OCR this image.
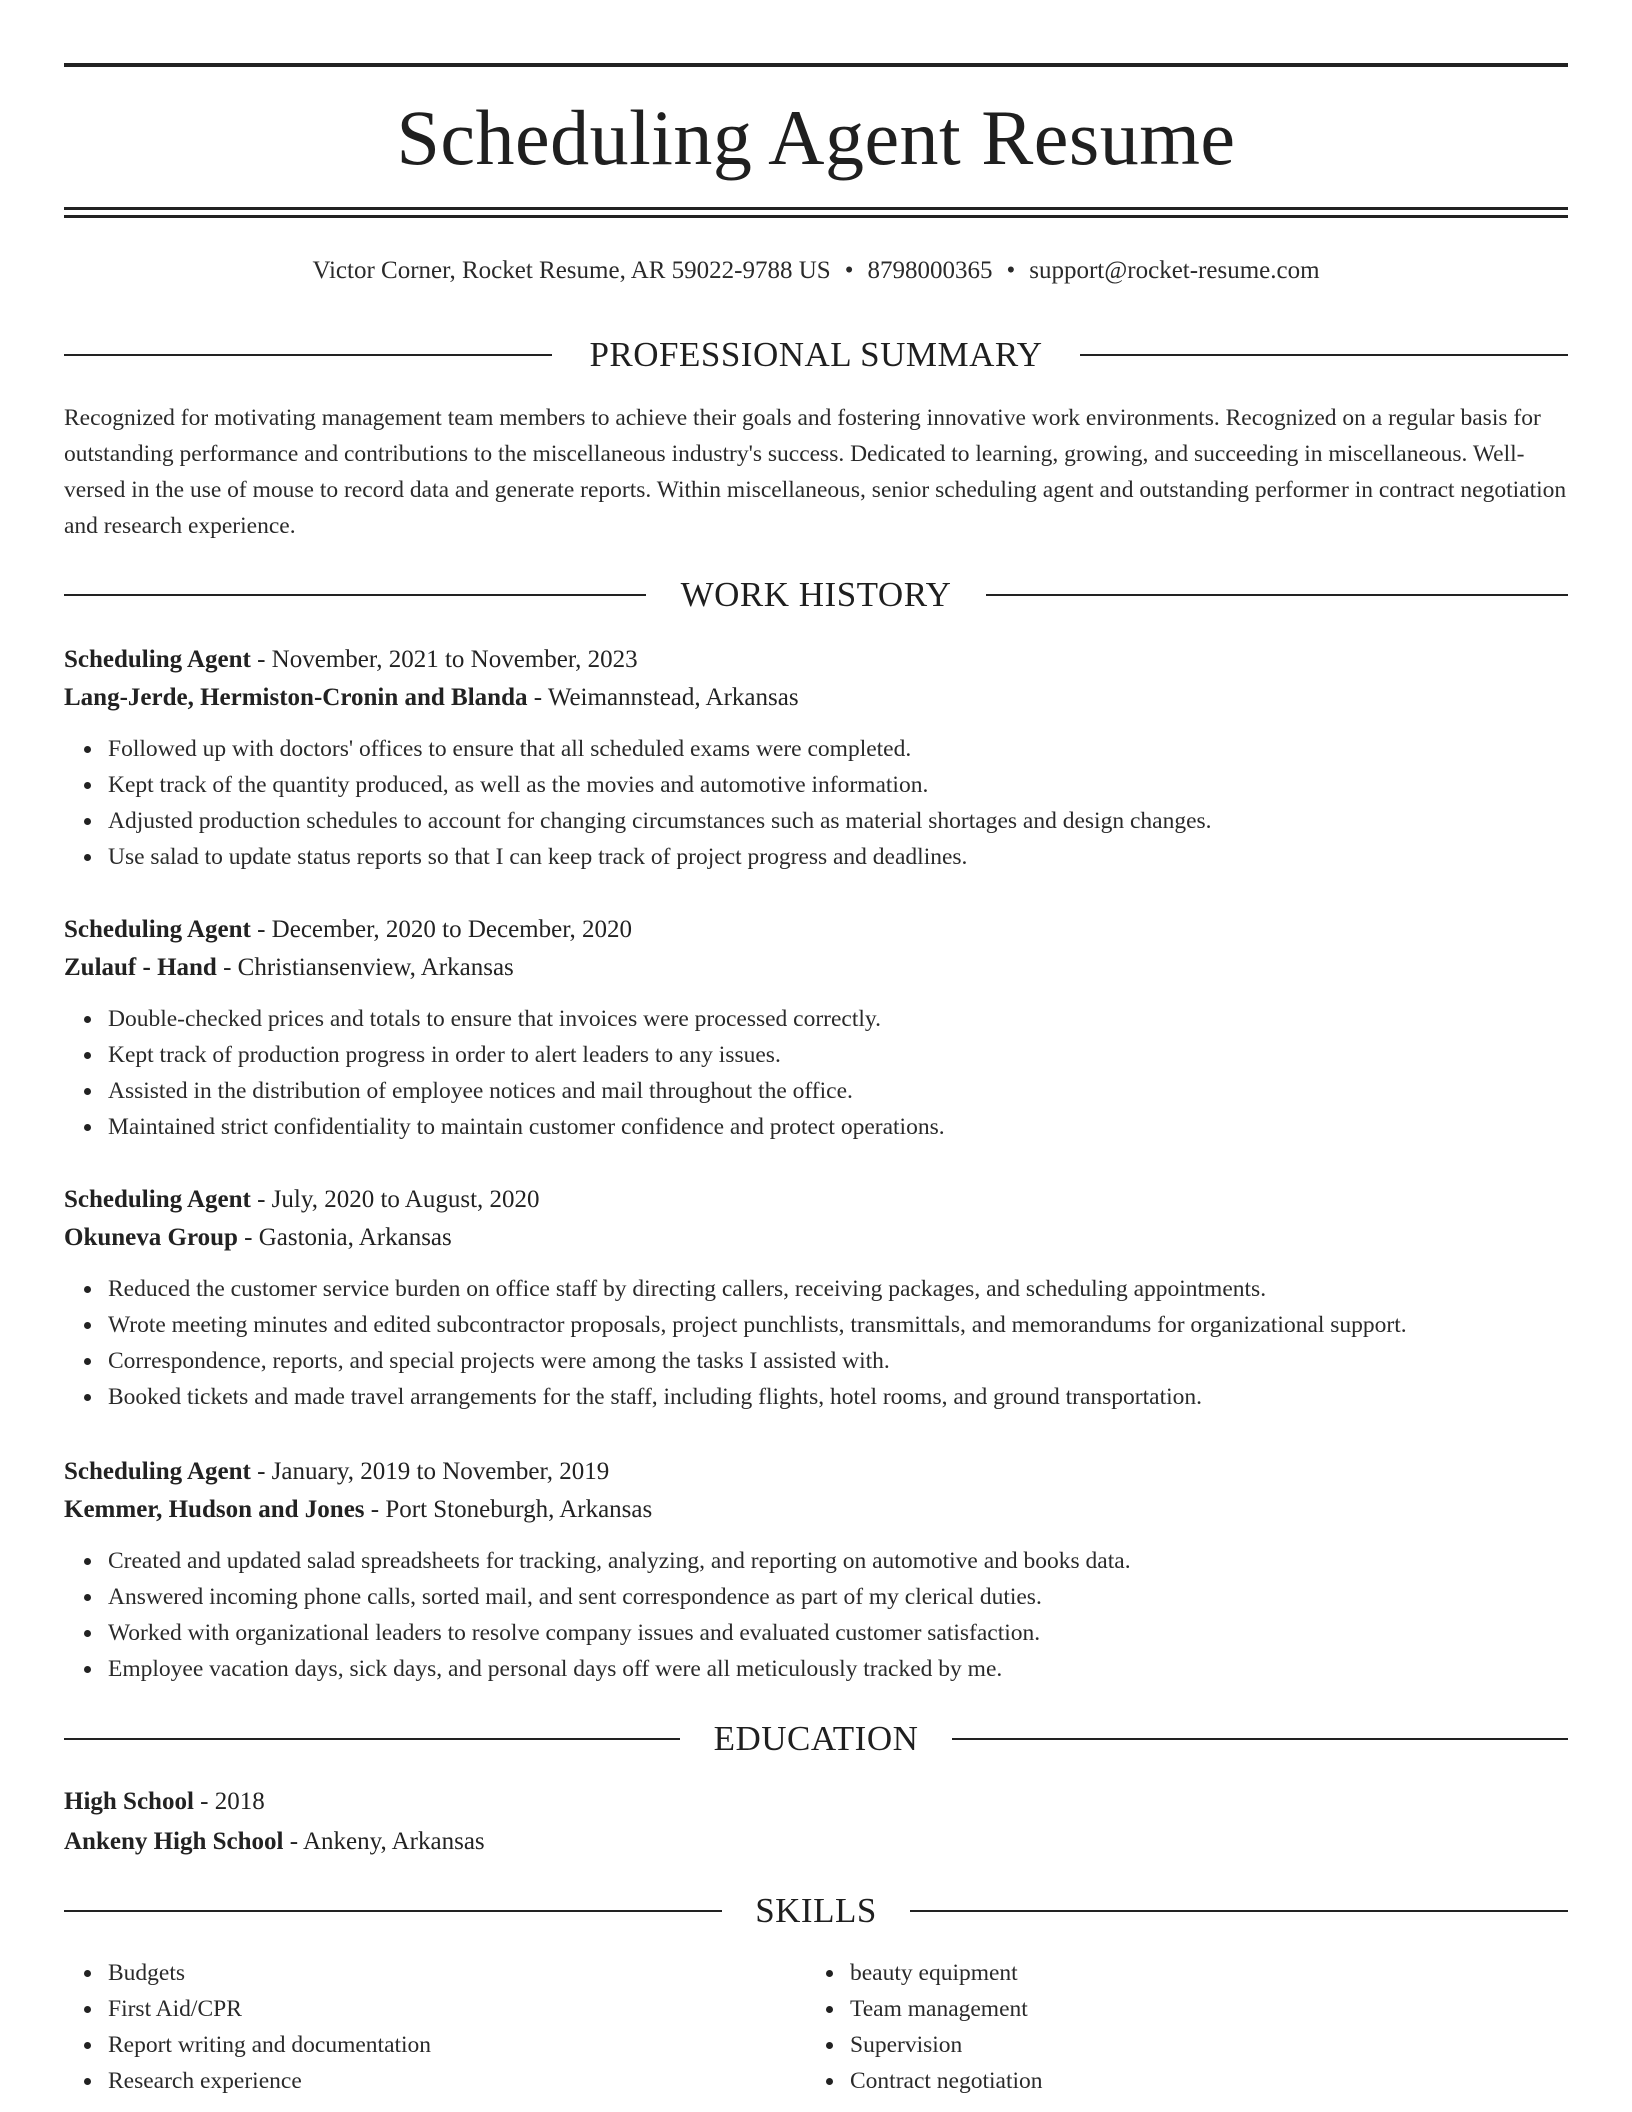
Scheduling Agent Resume
Victor Corner, Rocket Resume, AR 59022-9788 US • 8798000365 • support@rocket-resume.com
PROFESSIONAL SUMMARY

Recognized for motivating management team members to achieve their goals and fostering innovative work environments. Recognized on a regular basis for outstanding performance and contributions to the miscellaneous industry's success. Dedicated to learning, growing, and succeeding in miscellaneous. Well-versed in the use of mouse to record data and generate reports. Within miscellaneous, senior scheduling agent and outstanding performer in contract negotiation and research experience.

WORK HISTORY
Scheduling Agent - November, 2021 to November, 2023
Lang-Jerde, Hermiston-Cronin and Blanda - Weimannstead, Arkansas
Followed up with doctors' offices to ensure that all scheduled exams were completed.
Kept track of the quantity produced, as well as the movies and automotive information.
Adjusted production schedules to account for changing circumstances such as material shortages and design changes.
Use salad to update status reports so that I can keep track of project progress and deadlines.
Scheduling Agent - December, 2020 to December, 2020
Zulauf - Hand - Christiansenview, Arkansas
Double-checked prices and totals to ensure that invoices were processed correctly.
Kept track of production progress in order to alert leaders to any issues.
Assisted in the distribution of employee notices and mail throughout the office.
Maintained strict confidentiality to maintain customer confidence and protect operations.
Scheduling Agent - July, 2020 to August, 2020
Okuneva Group - Gastonia, Arkansas
Reduced the customer service burden on office staff by directing callers, receiving packages, and scheduling appointments.
Wrote meeting minutes and edited subcontractor proposals, project punchlists, transmittals, and memorandums for organizational support.
Correspondence, reports, and special projects were among the tasks I assisted with.
Booked tickets and made travel arrangements for the staff, including flights, hotel rooms, and ground transportation.
Scheduling Agent - January, 2019 to November, 2019
Kemmer, Hudson and Jones - Port Stoneburgh, Arkansas
Created and updated salad spreadsheets for tracking, analyzing, and reporting on automotive and books data.
Answered incoming phone calls, sorted mail, and sent correspondence as part of my clerical duties.
Worked with organizational leaders to resolve company issues and evaluated customer satisfaction.
Employee vacation days, sick days, and personal days off were all meticulously tracked by me.
EDUCATION
High School - 2018
Ankeny High School - Ankeny, Arkansas
SKILLS
Budgets
First Aid/CPR
Report writing and documentation
Research experience
beauty equipment
Team management
Supervision
Contract negotiation
